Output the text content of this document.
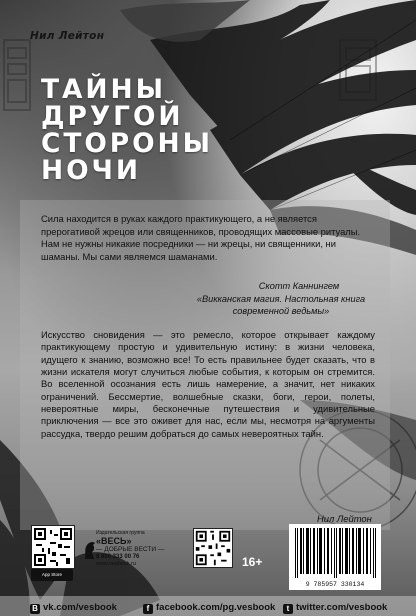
Нил Лейтон
ТАЙНЫ
ДРУГОЙ
СТОРОНЫ
НОЧИ
Сила находится в руках каждого практикующего, а не является прерогативой жрецов или священников, проводящих массовые ритуалы. Нам не нужны никакие посредники — ни жрецы, ни священники, ни шаманы. Мы сами являемся шаманами.
Скотт Каннингем
«Викканская магия. Настольная книга современной ведьмы»
Искусство сновидения — это ремесло, которое открывает каждому практикующему простую и удивительную истину: в жизни человека, идущего к знанию, возможно все! То есть правильнее будет сказать, что в жизни искателя могут случиться любые события, к которым он стремится. Во вселенной осознания есть лишь намерение, а значит, нет никаких ограничений. Бессмертие, волшебные сказки, боги, герои, полеты, невероятные миры, бесконечные путешествия и удивительные приключения — все это оживет для нас, если мы, несмотря на аргументы рассудка, твердо решим добраться до самых невероятных тайн.
Нил Лейтон
App Store
Издательская группа
«ВЕСЬ»
— ДОБРЫЕ ВЕСТИ —
8 800 333 00 76
www.vesbook.ru	16+
9 785957 330134
B vk.com/vesbook	f facebook.com/pg.vesbook	t twitter.com/vesbook
